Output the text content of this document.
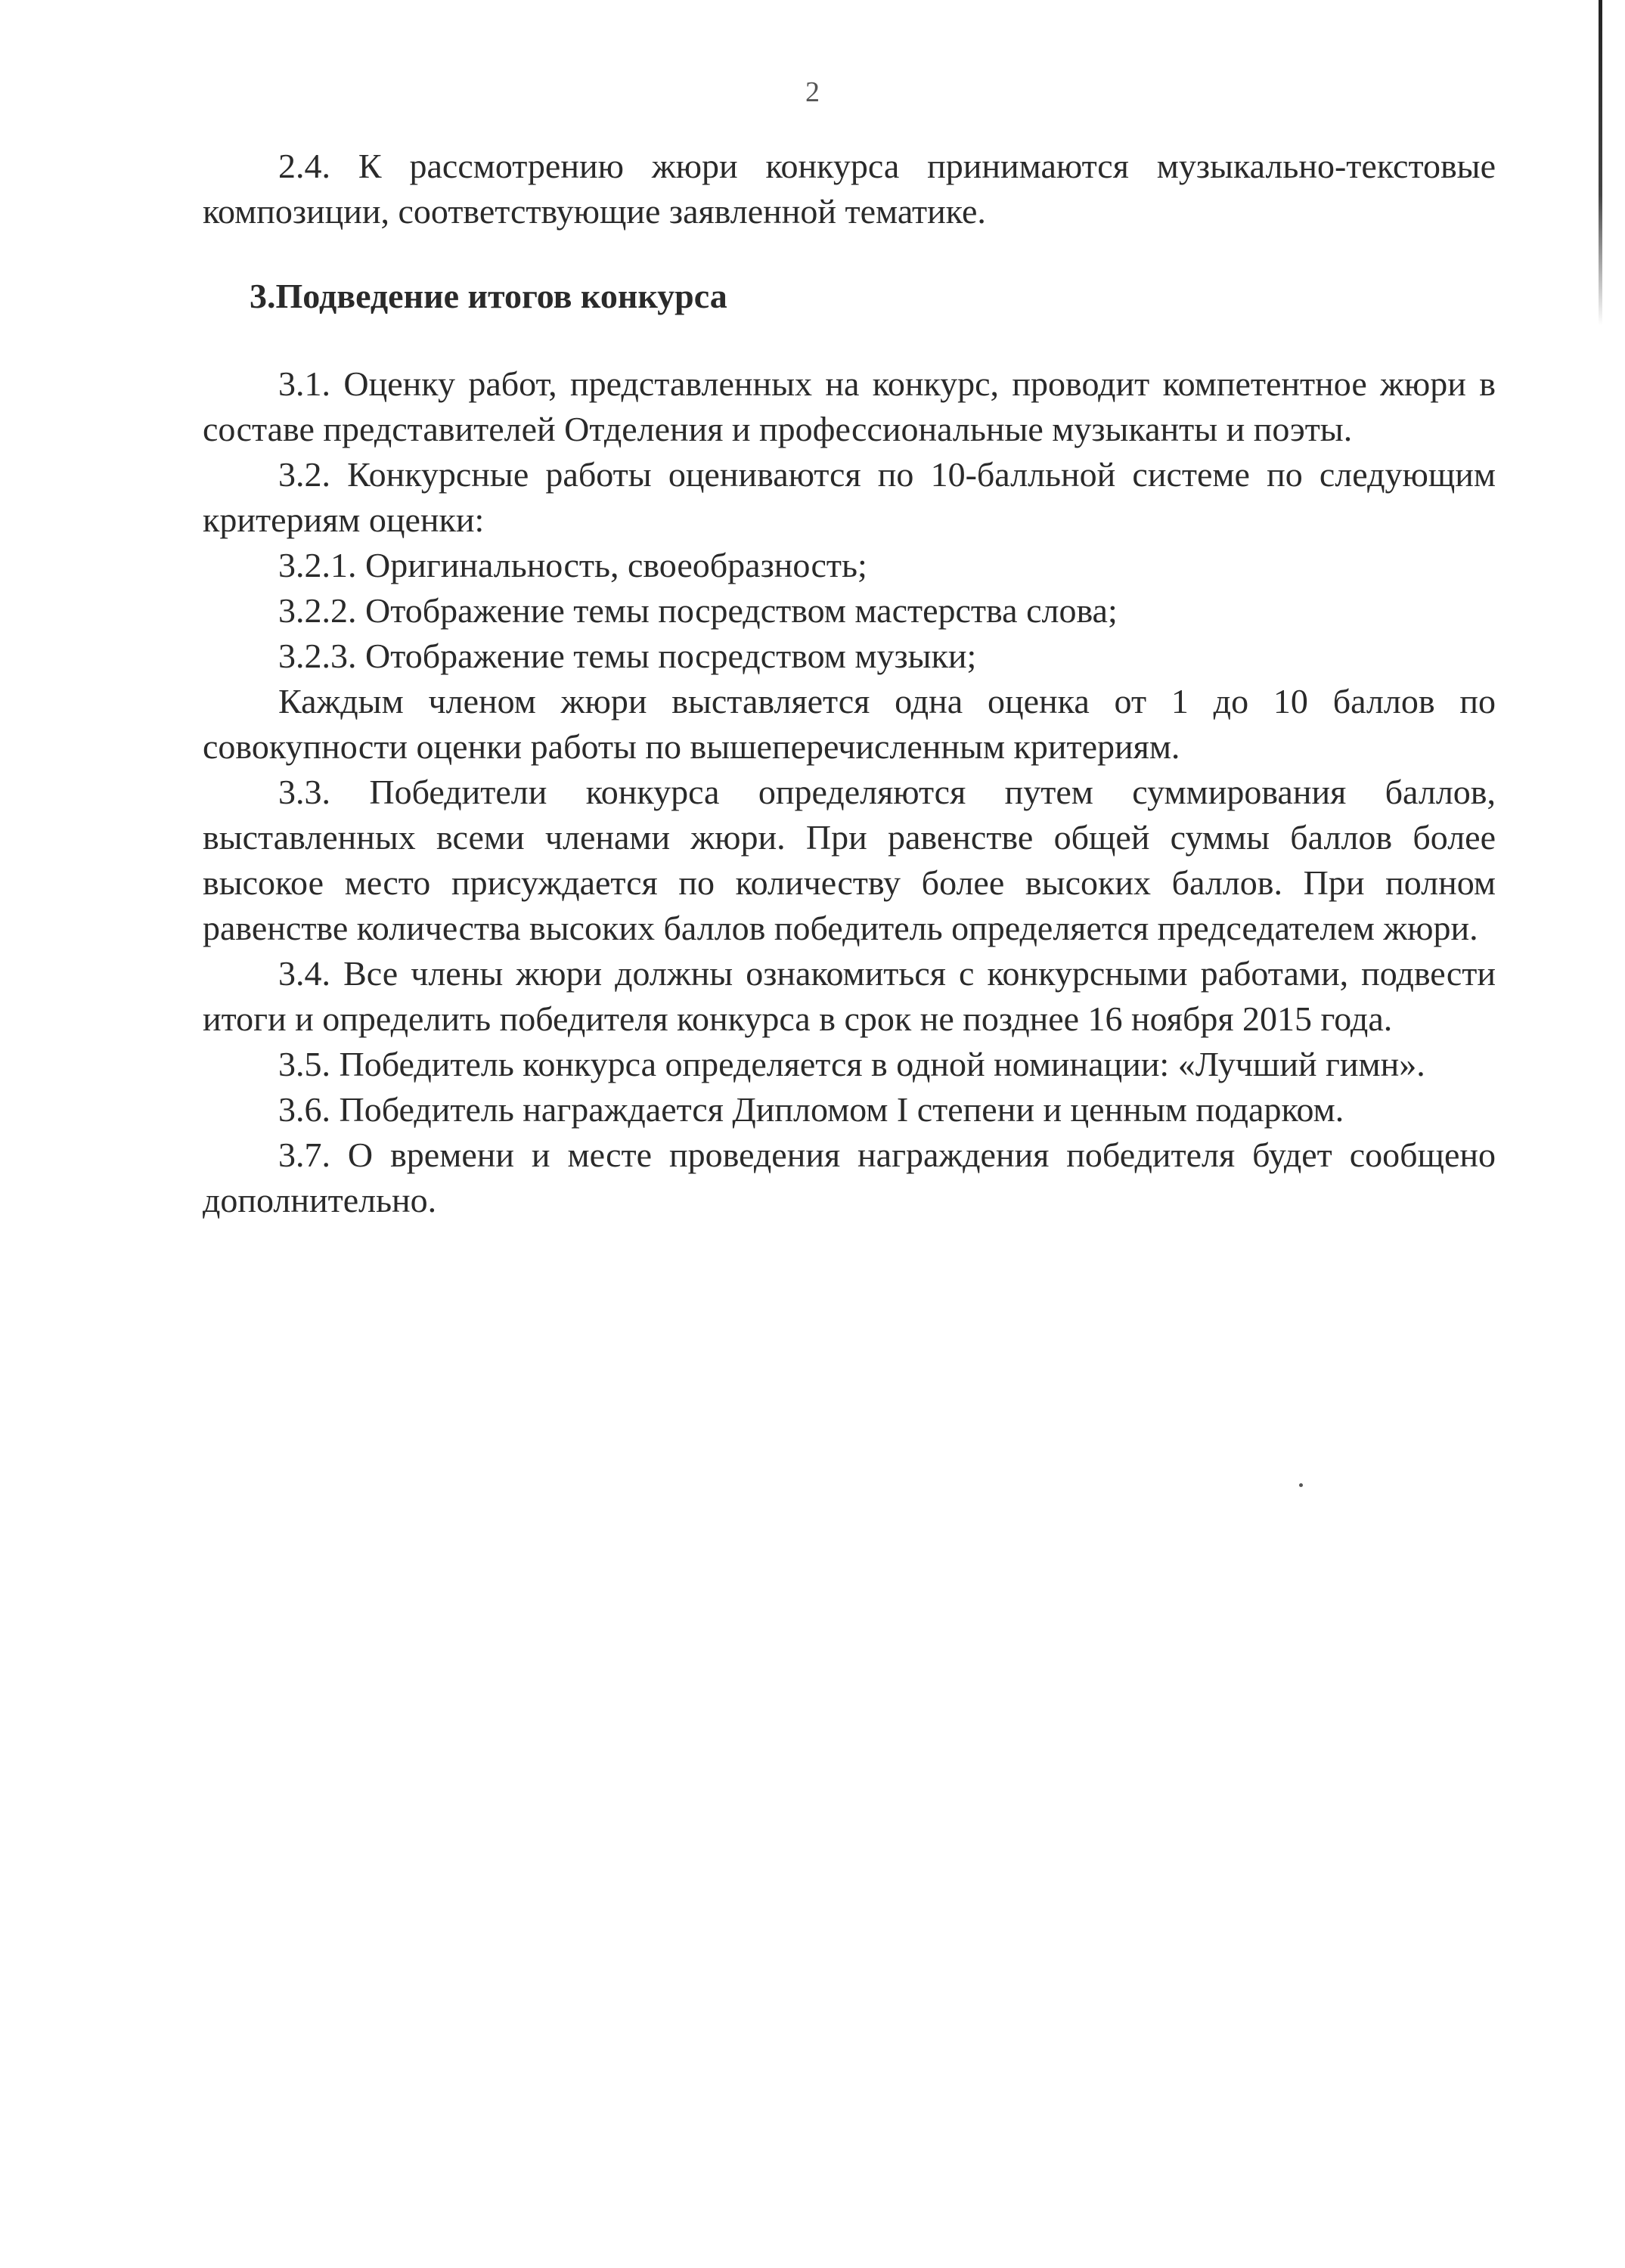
2

2.4. К рассмотрению жюри конкурса принимаются музыкально-текстовые композиции, соответствующие заявленной тематике.

3.Подведение итогов конкурса

3.1. Оценку работ, представленных на конкурс, проводит компетентное жюри в составе представителей Отделения и профессиональные музыканты и поэты.

3.2. Конкурсные работы оцениваются по 10-балльной системе по следующим критериям оценки:

3.2.1. Оригинальность, своеобразность;

3.2.2. Отображение темы посредством мастерства слова;

3.2.3. Отображение темы посредством музыки;

Каждым членом жюри выставляется одна оценка от 1 до 10 баллов по совокупности оценки работы по вышеперечисленным критериям.

3.3. Победители конкурса определяются путем суммирования баллов, выставленных всеми членами жюри. При равенстве общей суммы баллов более высокое место присуждается по количеству более высоких баллов. При полном равенстве количества высоких баллов победитель определяется председателем жюри.

3.4. Все члены жюри должны ознакомиться с конкурсными работами, подвести итоги и определить победителя конкурса в срок не позднее 16 ноября 2015 года.

3.5. Победитель конкурса определяется в одной номинации: «Лучший гимн».

3.6. Победитель награждается Дипломом I степени и ценным подарком.

3.7. О времени и месте проведения награждения победителя будет сообщено дополнительно.
